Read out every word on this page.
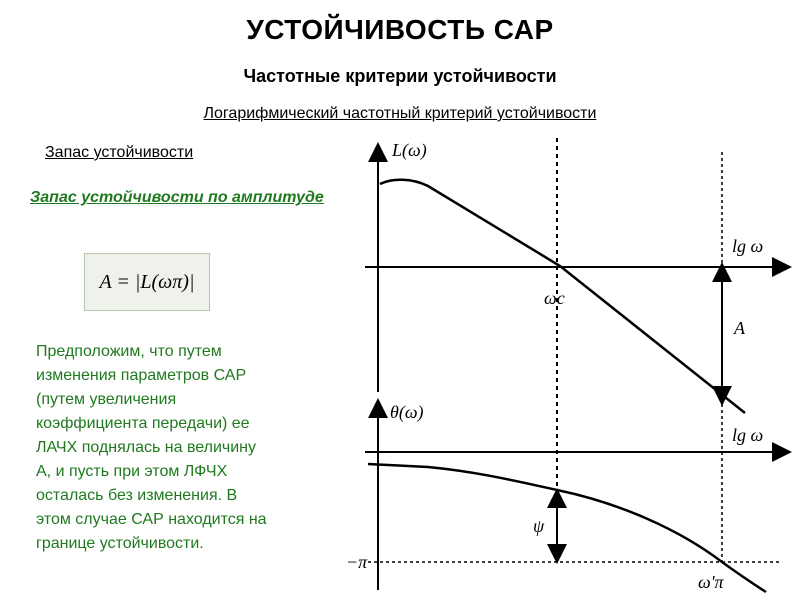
УСТОЙЧИВОСТЬ САР
Частотные критерии устойчивости
Логарифмический частотный критерий устойчивости
Запас устойчивости
Запас устойчивости по амплитуде
A = |L(ωπ)|
Предположим, что путем
изменения параметров САР
(путем увеличения
коэффициента передачи) ее
ЛАЧХ поднялась на величину
А, и пусть при этом ЛФЧХ
осталась без изменения. В
этом случае САР находится на
границе устойчивости.
L(ω)
lg ω
ωc
A
θ(ω)
lg ω
−π
ω'π
ψ
